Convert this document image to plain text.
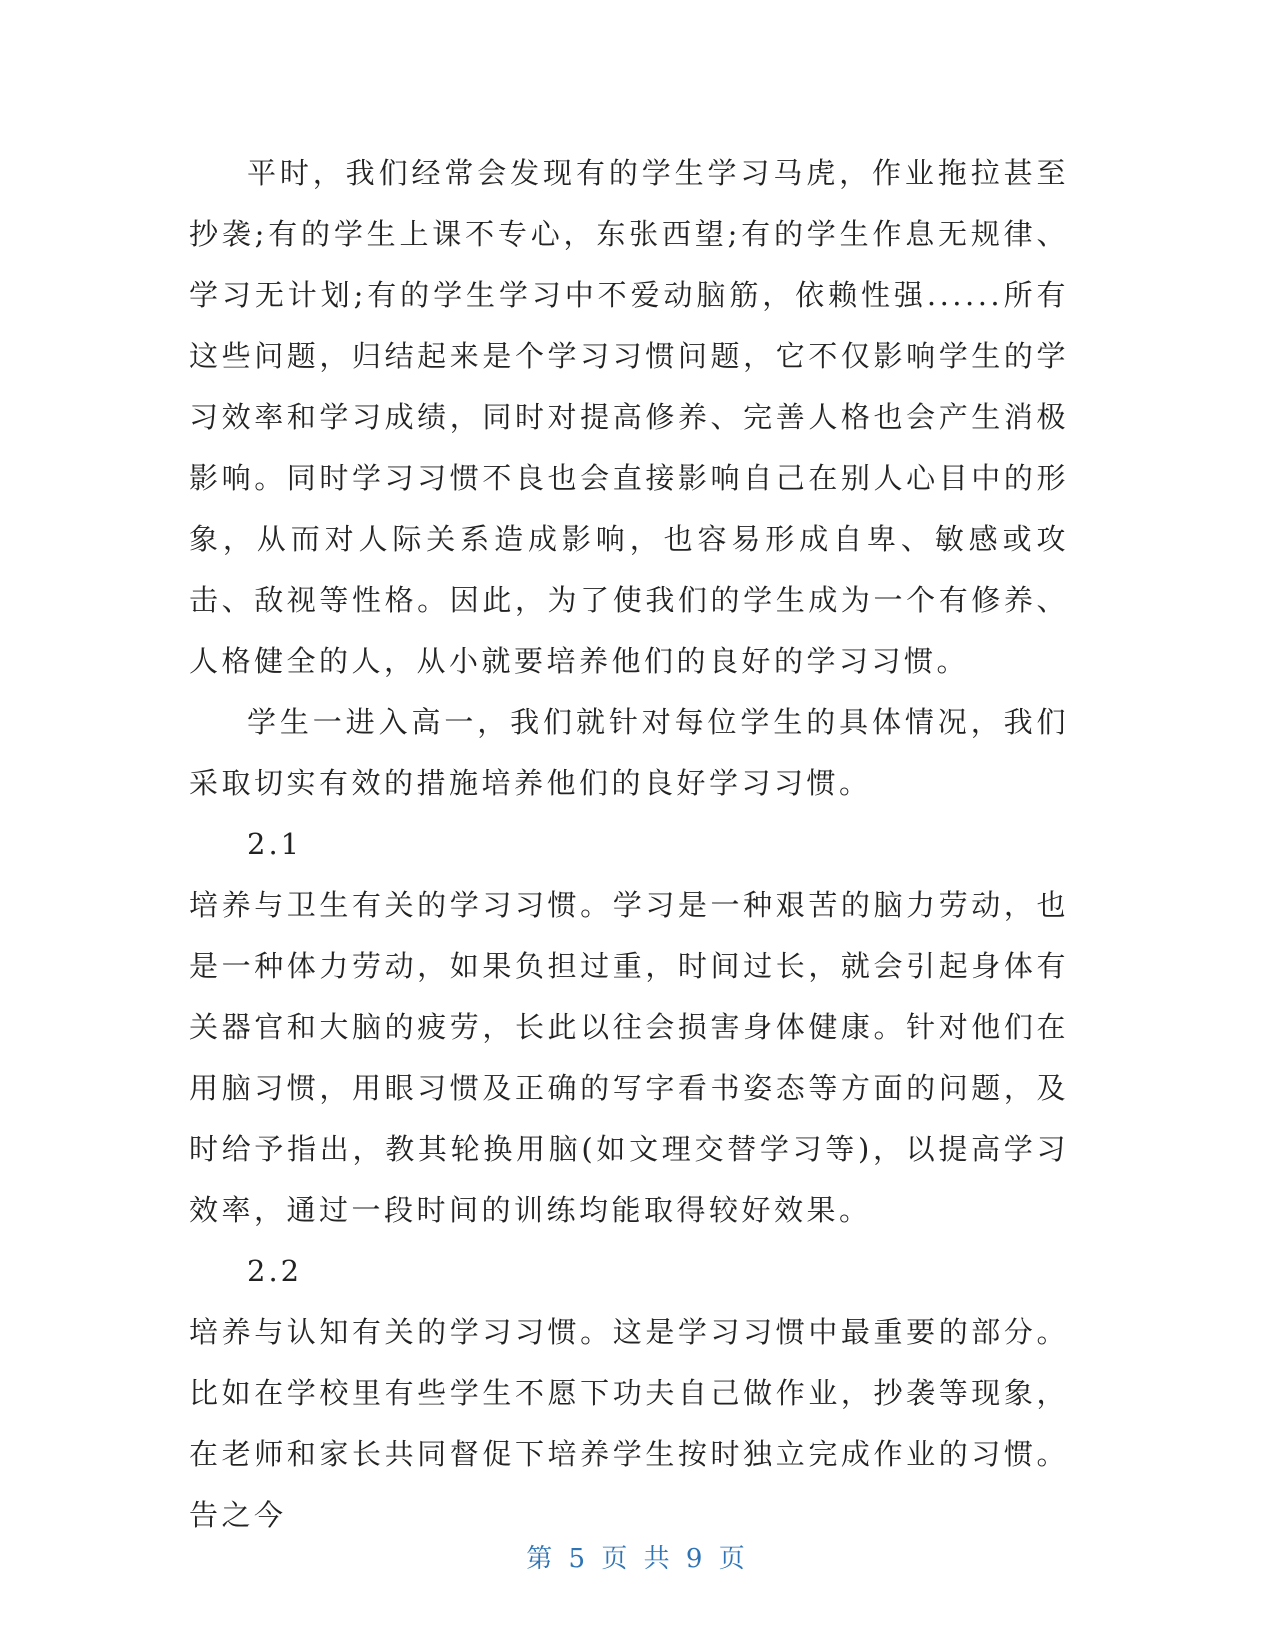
平时，我们经常会发现有的学生学习马虎，作业拖拉甚至抄袭;有的学生上课不专心，东张西望;有的学生作息无规律、学习无计划;有的学生学习中不爱动脑筋，依赖性强......所有这些问题，归结起来是个学习习惯问题，它不仅影响学生的学习效率和学习成绩，同时对提高修养、完善人格也会产生消极影响。同时学习习惯不良也会直接影响自己在别人心目中的形象，从而对人际关系造成影响，也容易形成自卑、敏感或攻击、敌视等性格。因此，为了使我们的学生成为一个有修养、人格健全的人，从小就要培养他们的良好的学习习惯。

学生一进入高一，我们就针对每位学生的具体情况，我们采取切实有效的措施培养他们的良好学习习惯。

2.1

培养与卫生有关的学习习惯。学习是一种艰苦的脑力劳动，也是一种体力劳动，如果负担过重，时间过长，就会引起身体有关器官和大脑的疲劳，长此以往会损害身体健康。针对他们在用脑习惯，用眼习惯及正确的写字看书姿态等方面的问题，及时给予指出，教其轮换用脑(如文理交替学习等)，以提高学习效率，通过一段时间的训练均能取得较好效果。

2.2

培养与认知有关的学习习惯。这是学习习惯中最重要的部分。比如在学校里有些学生不愿下功夫自己做作业，抄袭等现象，在老师和家长共同督促下培养学生按时独立完成作业的习惯。告之今

第 5 页 共 9 页
